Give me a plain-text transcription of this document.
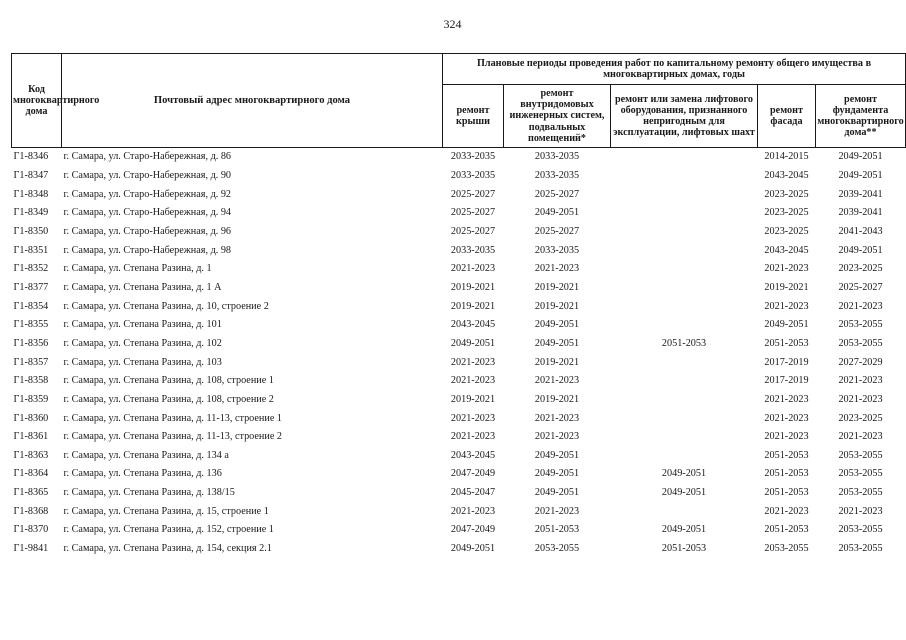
324
Код многоквартирного дома	Почтовый адрес многоквартирного дома	Плановые периоды проведения работ по капитальному ремонту общего имущества в многоквартирных домах, годы				
		ремонт крыши	ремонт внутридомовых инженерных систем, подвальных помещений*	ремонт или замена лифтового оборудования, признанного непригодным для эксплуатации, лифтовых шахт	ремонт фасада	ремонт фундамента многоквартирного дома**
Г1-8346	г. Самара, ул. Старо-Набережная, д. 86	2033-2035	2033-2035		2014-2015	2049-2051
Г1-8347	г. Самара, ул. Старо-Набережная, д. 90	2033-2035	2033-2035		2043-2045	2049-2051
Г1-8348	г. Самара, ул. Старо-Набережная, д. 92	2025-2027	2025-2027		2023-2025	2039-2041
Г1-8349	г. Самара, ул. Старо-Набережная, д. 94	2025-2027	2049-2051		2023-2025	2039-2041
Г1-8350	г. Самара, ул. Старо-Набережная, д. 96	2025-2027	2025-2027		2023-2025	2041-2043
Г1-8351	г. Самара, ул. Старо-Набережная, д. 98	2033-2035	2033-2035		2043-2045	2049-2051
Г1-8352	г. Самара, ул. Степана Разина, д. 1	2021-2023	2021-2023		2021-2023	2023-2025
Г1-8377	г. Самара, ул. Степана Разина, д. 1 А	2019-2021	2019-2021		2019-2021	2025-2027
Г1-8354	г. Самара, ул. Степана Разина, д. 10, строение 2	2019-2021	2019-2021		2021-2023	2021-2023
Г1-8355	г. Самара, ул. Степана Разина, д. 101	2043-2045	2049-2051		2049-2051	2053-2055
Г1-8356	г. Самара, ул. Степана Разина, д. 102	2049-2051	2049-2051	2051-2053	2051-2053	2053-2055
Г1-8357	г. Самара, ул. Степана Разина, д. 103	2021-2023	2019-2021		2017-2019	2027-2029
Г1-8358	г. Самара, ул. Степана Разина, д. 108, строение 1	2021-2023	2021-2023		2017-2019	2021-2023
Г1-8359	г. Самара, ул. Степана Разина, д. 108, строение 2	2019-2021	2019-2021		2021-2023	2021-2023
Г1-8360	г. Самара, ул. Степана Разина, д. 11-13, строение 1	2021-2023	2021-2023		2021-2023	2023-2025
Г1-8361	г. Самара, ул. Степана Разина, д. 11-13, строение 2	2021-2023	2021-2023		2021-2023	2021-2023
Г1-8363	г. Самара, ул. Степана Разина, д. 134 а	2043-2045	2049-2051		2051-2053	2053-2055
Г1-8364	г. Самара, ул. Степана Разина, д. 136	2047-2049	2049-2051	2049-2051	2051-2053	2053-2055
Г1-8365	г. Самара, ул. Степана Разина, д. 138/15	2045-2047	2049-2051	2049-2051	2051-2053	2053-2055
Г1-8368	г. Самара, ул. Степана Разина, д. 15, строение 1	2021-2023	2021-2023		2021-2023	2021-2023
Г1-8370	г. Самара, ул. Степана Разина, д. 152, строение 1	2047-2049	2051-2053	2049-2051	2051-2053	2053-2055
Г1-9841	г. Самара, ул. Степана Разина, д. 154, секция 2.1	2049-2051	2053-2055	2051-2053	2053-2055	2053-2055
